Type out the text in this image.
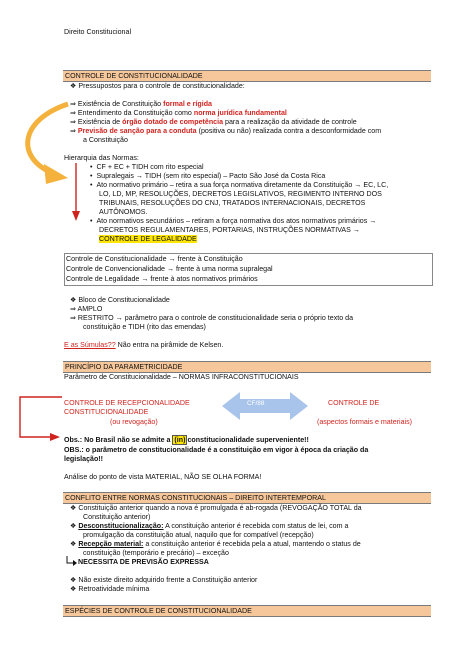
Direito Constitucional
CONTROLE DE CONSTITUCIONALIDADE
❖ Pressupostos para o controle de constitucionalidade:
⇒ Existência de Constituição formal e rígida
⇒ Entendimento da Constituição como norma jurídica fundamental
⇒ Existência de órgão dotado de competência para a realização da atividade de controle
⇒ Previsão de sanção para a conduta (positiva ou não) realizada contra a desconformidade com
a Constituição
Hierarquia das Normas:
•  CF + EC + TIDH com rito especial
•  Supralegais → TIDH (sem rito especial) – Pacto São José da Costa Rica
•  Ato normativo primário – retira a sua força normativa diretamente da Constituição → EC, LC,
LO, LD, MP, RESOLUÇÕES, DECRETOS LEGISLATIVOS, REGIMENTO INTERNO DOS
TRIBUNAIS, RESOLUÇÕES DO CNJ, TRATADOS INTERNACIONAIS, DECRETOS
AUTÔNOMOS.
•  Ato normativos secundários – retiram a força normativa dos atos normativos primários →
DECRETOS REGULAMENTARES, PORTARIAS, INSTRUÇÕES NORMATIVAS →
CONTROLE DE LEGALIDADE
Controle de Constitucionalidade → frente à Constituição
Controle de Convencionalidade → frente à uma norma supralegal
Controle de Legalidade → frente à atos normativos primários
❖ Bloco de Constitucionalidade
⇒ AMPLO
⇒ RESTRITO → parâmetro para o controle de constitucionalidade seria o próprio texto da
constituição e TIDH (rito das emendas)
E as Súmulas?? Não entra na pirâmide de Kelsen.
PRINCÍPIO DA PARAMETRICIDADE
Parâmetro de Constitucionalidade – NORMAS INFRACONSTITUCIONAIS
CONTROLE DE RECEPCIONALIDADE
CONSTITUCIONALIDADE
(ou revogação)
CF/88	CONTROLE DE
(aspectos formais e materiais)
Obs.: No Brasil não se admite a (in) constitucionalidade superveniente!!
OBS.: o parâmetro de constitucionalidade é a constituição em vigor à época da criação da
legislação!!
Análise do ponto de vista MATERIAL, NÃO SE OLHA FORMA!
CONFLITO ENTRE NORMAS CONSTITUCIONAIS – DIREITO INTERTEMPORAL
❖ Constituição anterior quando a nova é promulgada é ab-rogada (REVOGAÇÃO TOTAL da
Constituição anterior)
❖ Desconstitucionalização: A constituição anterior é recebida com status de lei, com a
promulgação da constituição atual, naquilo que for compatível (recepção)
❖ Recepção material: a constituição anterior é recebida pela a atual, mantendo o status de
constituição (temporário e precário) – exceção
NECESSITA DE PREVISÃO EXPRESSA
❖ Não existe direito adquirido frente a Constituição anterior
❖ Retroatividade mínima
ESPÉCIES DE CONTROLE DE CONSTITUCIONALIDADE
